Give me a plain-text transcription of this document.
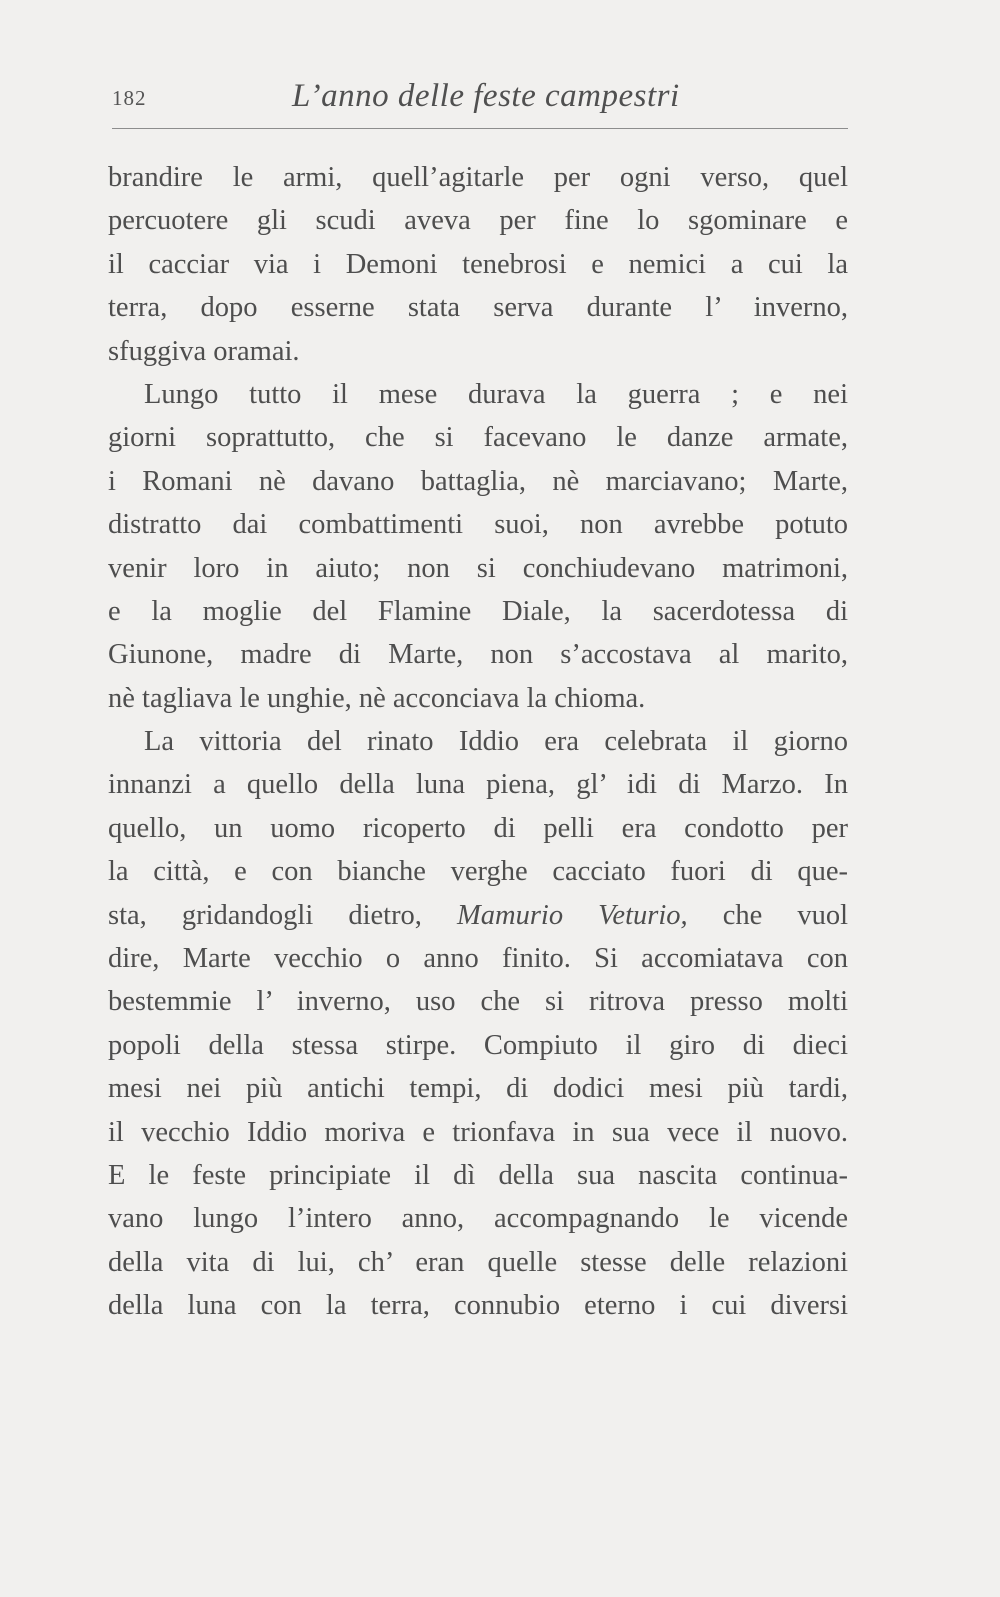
182	L’anno delle feste campestri
brandire le armi, quell’agitarle per ogni verso, quel
percuotere gli scudi aveva per fine lo sgominare e
il cacciar via i Demoni tenebrosi e nemici a cui la
terra, dopo esserne stata serva durante l’ inverno,
sfuggiva oramai.
Lungo tutto il mese durava la guerra ; e nei
giorni soprattutto, che si facevano le danze armate,
i Romani nè davano battaglia, nè marciavano; Marte,
distratto dai combattimenti suoi, non avrebbe potuto
venir loro in aiuto; non si conchiudevano matrimoni,
e la moglie del Flamine Diale, la sacerdotessa di
Giunone, madre di Marte, non s’accostava al marito,
nè tagliava le unghie, nè acconciava la chioma.
La vittoria del rinato Iddio era celebrata il giorno
innanzi a quello della luna piena, gl’ idi di Marzo. In
quello, un uomo ricoperto di pelli era condotto per
la città, e con bianche verghe cacciato fuori di que-
sta, gridandogli dietro, Mamurio Veturio, che vuol
dire, Marte vecchio o anno finito. Si accomiatava con
bestemmie l’ inverno, uso che si ritrova presso molti
popoli della stessa stirpe. Compiuto il giro di dieci
mesi nei più antichi tempi, di dodici mesi più tardi,
il vecchio Iddio moriva e trionfava in sua vece il nuovo.
E le feste principiate il dì della sua nascita continua-
vano lungo l’intero anno, accompagnando le vicende
della vita di lui, ch’ eran quelle stesse delle relazioni
della luna con la terra, connubio eterno i cui diversi
